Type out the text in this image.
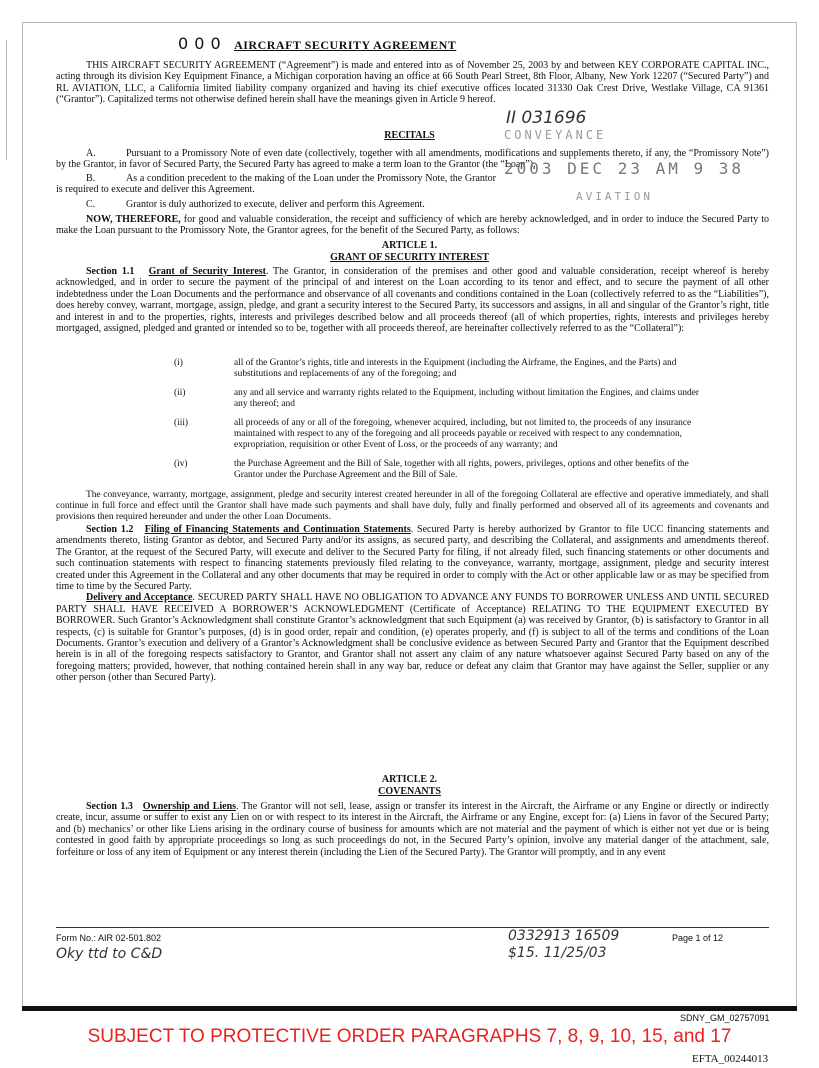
0 0 0 AIRCRAFT SECURITY AGREEMENT

THIS AIRCRAFT SECURITY AGREEMENT (“Agreement”) is made and entered into as of November 25, 2003 by and between KEY CORPORATE CAPITAL INC., acting through its division Key Equipment Finance, a Michigan corporation having an office at 66 South Pearl Street, 8th Floor, Albany, New York 12207 (“Secured Party”) and RL AVIATION, LLC, a California limited liability company organized and having its chief executive offices located 31330 Oak Crest Drive, Westlake Village, CA 91361 (“Grantor”). Capitalized terms not otherwise defined herein shall have the meanings given in Article 9 hereof.

II 031696
CONVEYANCE
RECITALS

A.	Pursuant to a Promissory Note of even date (collectively, together with all amendments, modifications and supplements thereto, if any, the “Promissory Note”) by the Grantor, in favor of Secured Party, the Secured Party has agreed to make a term loan to the Grantor (the “Loan”).

B.	As a condition precedent to the making of the Loan under the Promissory Note, the Grantor is required to execute and deliver this Agreement.

2003 DEC 23 AM 9 38

C.	Grantor is duly authorized to execute, deliver and perform this Agreement.

AVIATION

NOW, THEREFORE, for good and valuable consideration, the receipt and sufficiency of which are hereby acknowledged, and in order to induce the Secured Party to make the Loan pursuant to the Promissory Note, the Grantor agrees, for the benefit of the Secured Party, as follows:

ARTICLE 1.
GRANT OF SECURITY INTEREST

Section 1.1 Grant of Security Interest. The Grantor, in consideration of the premises and other good and valuable consideration, receipt whereof is hereby acknowledged, and in order to secure the payment of the principal of and interest on the Loan according to its tenor and effect, and to secure the payment of all other indebtedness under the Loan Documents and the performance and observance of all covenants and conditions contained in the Loan (collectively referred to as the “Liabilities”), does hereby convey, warrant, mortgage, assign, pledge, and grant a security interest to the Secured Party, its successors and assigns, in all and singular of the Grantor’s right, title and interest in and to the properties, rights, interests and privileges described below and all proceeds thereof (all of which properties, rights, interests and privileges hereby mortgaged, assigned, pledged and granted or intended so to be, together with all proceeds thereof, are hereinafter collectively referred to as the “Collateral”):

(i)	all of the Grantor’s rights, title and interests in the Equipment (including the Airframe, the Engines, and the Parts) and substitutions and replacements of any of the foregoing; and
(ii)	any and all service and warranty rights related to the Equipment, including without limitation the Engines, and claims under any thereof; and
(iii)	all proceeds of any or all of the foregoing, whenever acquired, including, but not limited to, the proceeds of any insurance maintained with respect to any of the foregoing and all proceeds payable or received with respect to any condemnation, expropriation, requisition or other Event of Loss, or the proceeds of any warranty; and
(iv)	the Purchase Agreement and the Bill of Sale, together with all rights, powers, privileges, options and other benefits of the Grantor under the Purchase Agreement and the Bill of Sale.

The conveyance, warranty, mortgage, assignment, pledge and security interest created hereunder in all of the foregoing Collateral are effective and operative immediately, and shall continue in full force and effect until the Grantor shall have made such payments and shall have duly, fully and finally performed and observed all of its agreements and covenants and provisions then required hereunder and under the other Loan Documents.

Section 1.2 Filing of Financing Statements and Continuation Statements. Secured Party is hereby authorized by Grantor to file UCC financing statements and amendments thereto, listing Grantor as debtor, and Secured Party and/or its assigns, as secured party, and describing the Collateral, and assignments and amendments thereof. The Grantor, at the request of the Secured Party, will execute and deliver to the Secured Party for filing, if not already filed, such financing statements or other documents and such continuation statements with respect to financing statements previously filed relating to the conveyance, warranty, mortgage, assignment, pledge and security interest created under this Agreement in the Collateral and any other documents that may be required in order to comply with the Act or other applicable law or as may be specified from time to time by the Secured Party.
Delivery and Acceptance. SECURED PARTY SHALL HAVE NO OBLIGATION TO ADVANCE ANY FUNDS TO BORROWER UNLESS AND UNTIL SECURED PARTY SHALL HAVE RECEIVED A BORROWER’S ACKNOWLEDGMENT (Certificate of Acceptance) RELATING TO THE EQUIPMENT EXECUTED BY BORROWER. Such Grantor’s Acknowledgment shall constitute Grantor’s acknowledgment that such Equipment (a) was received by Grantor, (b) is satisfactory to Grantor in all respects, (c) is suitable for Grantor’s purposes, (d) is in good order, repair and condition, (e) operates properly, and (f) is subject to all of the terms and conditions of the Loan Documents. Grantor’s execution and delivery of a Grantor’s Acknowledgment shall be conclusive evidence as between Secured Party and Grantor that the Equipment described herein is in all of the foregoing respects satisfactory to Grantor, and Grantor shall not assert any claim of any nature whatsoever against Secured Party based on any of the foregoing matters; provided, however, that nothing contained herein shall in any way bar, reduce or defeat any claim that Grantor may have against the Seller, supplier or any other person (other than Secured Party).

ARTICLE 2.
COVENANTS

Section 1.3 Ownership and Liens. The Grantor will not sell, lease, assign or transfer its interest in the Aircraft, the Airframe or any Engine or directly or indirectly create, incur, assume or suffer to exist any Lien on or with respect to its interest in the Aircraft, the Airframe or any Engine, except for: (a) Liens in favor of the Secured Party; and (b) mechanics’ or other like Liens arising in the ordinary course of business for amounts which are not material and the payment of which is either not yet due or is being contested in good faith by appropriate proceedings so long as such proceedings do not, in the Secured Party’s opinion, involve any material danger of the attachment, sale, forfeiture or loss of any item of Equipment or any interest therein (including the Lien of the Secured Party). The Grantor will promptly, and in any event

Form No.: AIR 02-501.802
Oky ttd to C&D
0332913 16509
$15. 11/25/03
Page 1 of 12
SDNY_GM_02757091
SUBJECT TO PROTECTIVE ORDER PARAGRAPHS 7, 8, 9, 10, 15, and 17
EFTA_00244013
